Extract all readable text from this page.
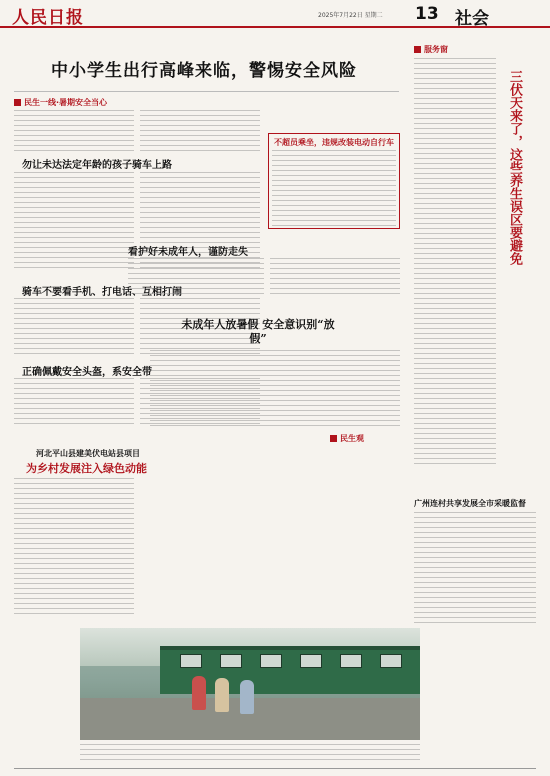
人民日报	2025年7月22日 星期二 13 社会
中小学生出行高峰来临，警惕安全风险

民生一线·暑期安全当心
勿让未达法定年龄的孩子骑车上路
骑车不要看手机、打电话、互相打闹
正确佩戴安全头盔，系安全带
不超员乘坐，违规改装电动自行车
看护好未成年人，谨防走失
未成年人放暑假 安全意识别“放假”
民生观
河北平山县建美伏电站县项目
为乡村发展注入绿色动能
服务窗
三伏天来了，这些养生误区要避免

广州连村共享发展全市采暖监督
